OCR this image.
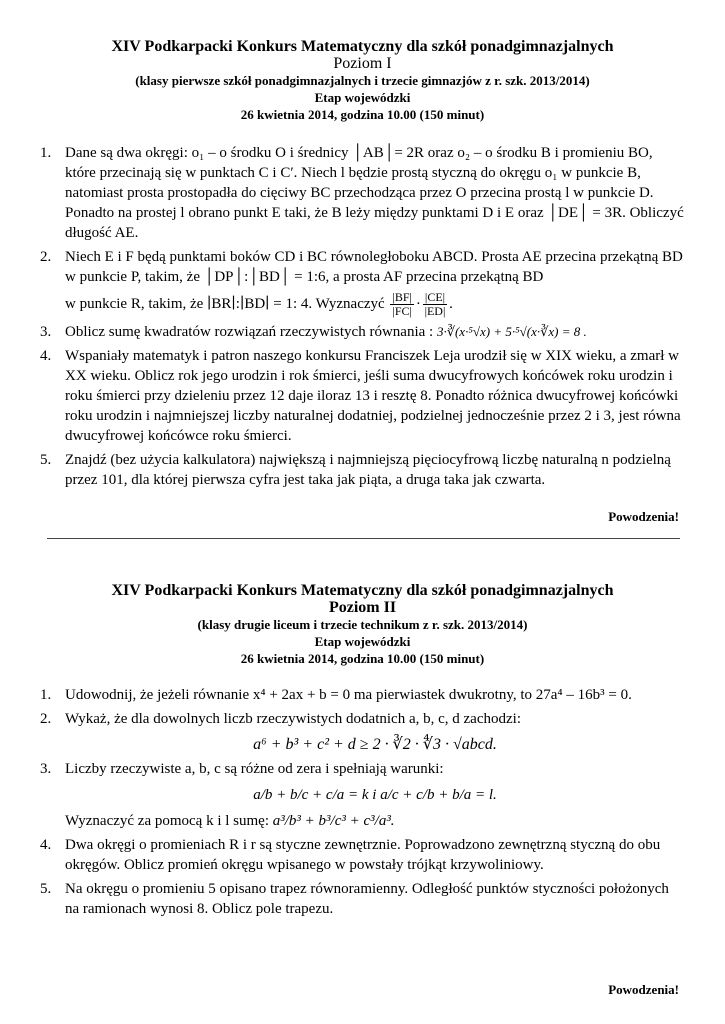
XIV Podkarpacki Konkurs Matematyczny dla szkół ponadgimnazjalnych
Poziom I
(klasy pierwsze szkół ponadgimnazjalnych i trzecie gimnazjów z r. szk. 2013/2014)
Etap wojewódzki
26 kwietnia 2014, godzina 10.00 (150 minut)
1. Dane są dwa okręgi: o₁ – o środku O i średnicy │AB│= 2R oraz o₂ – o środku B i promieniu BO, które przecinają się w punktach C i C′. Niech l będzie prostą styczną do okręgu o₁ w punkcie B, natomiast prosta prostopadła do cięciwy BC przechodząca przez O przecina prostą l w punkcie D. Ponadto na prostej l obrano punkt E taki, że B leży między punktami D i E oraz │DE│ = 3R. Obliczyć długość AE.
2. Niech E i F będą punktami boków CD i BC równoległoboku ABCD. Prosta AE przecina przekątną BD w punkcie P, takim, że │DP│:│BD│ = 1:6, a prosta AF przecina przekątną BD
w punkcie R, takim, że ∣BR∣:∣BD∣ = 1: 4. Wyznaczyć $\frac{|BF|}{|FC|} \cdot \frac{|CE|}{|ED|}$ .
3. Oblicz sumę kwadratów rozwiązań rzeczywistych równania : 3·∛(x·⁵√x) + 5·⁵√(x·∛x) = 8 .
4. Wspaniały matematyk i patron naszego konkursu Franciszek Leja urodził się w XIX wieku, a zmarł w XX wieku. Oblicz rok jego urodzin i rok śmierci, jeśli suma dwucyfrowych końcówek roku urodzin i roku śmierci przy dzieleniu przez 12 daje iloraz 13 i resztę 8. Ponadto różnica dwucyfrowej końcówki roku urodzin i najmniejszej liczby naturalnej dodatniej, podzielnej jednocześnie przez 2 i 3, jest równa dwucyfrowej końcówce roku śmierci.
5. Znajdź (bez użycia kalkulatora) największą i najmniejszą pięciocyfrową liczbę naturalną n podzielną przez 101, dla której pierwsza cyfra jest taka jak piąta, a druga taka jak czwarta.
Powodzenia!
XIV Podkarpacki Konkurs Matematyczny dla szkół ponadgimnazjalnych
Poziom II
(klasy drugie liceum i trzecie technikum z r. szk. 2013/2014)
Etap wojewódzki
26 kwietnia 2014, godzina 10.00 (150 minut)
1. Udowodnij, że jeżeli równanie x⁴ + 2ax + b = 0 ma pierwiastek dwukrotny, to 27a⁴ – 16b³ = 0.
2. Wykaż, że dla dowolnych liczb rzeczywistych dodatnich a, b, c, d zachodzi:
a⁶ + b³ + c² + d ≥ 2 · ∛2 · ∜3 · √abcd.
3. Liczby rzeczywiste a, b, c są różne od zera i spełniają warunki:
a/b + b/c + c/a = k i a/c + c/b + b/a = l.
Wyznaczyć za pomocą k i l sumę: a³/b³ + b³/c³ + c³/a³.
4. Dwa okręgi o promieniach R i r są styczne zewnętrznie. Poprowadzono zewnętrzną styczną do obu okręgów. Oblicz promień okręgu wpisanego w powstały trójkąt krzywoliniowy.
5. Na okręgu o promieniu 5 opisano trapez równoramienny. Odległość punktów styczności położonych na ramionach wynosi 8. Oblicz pole trapezu.
Powodzenia!
